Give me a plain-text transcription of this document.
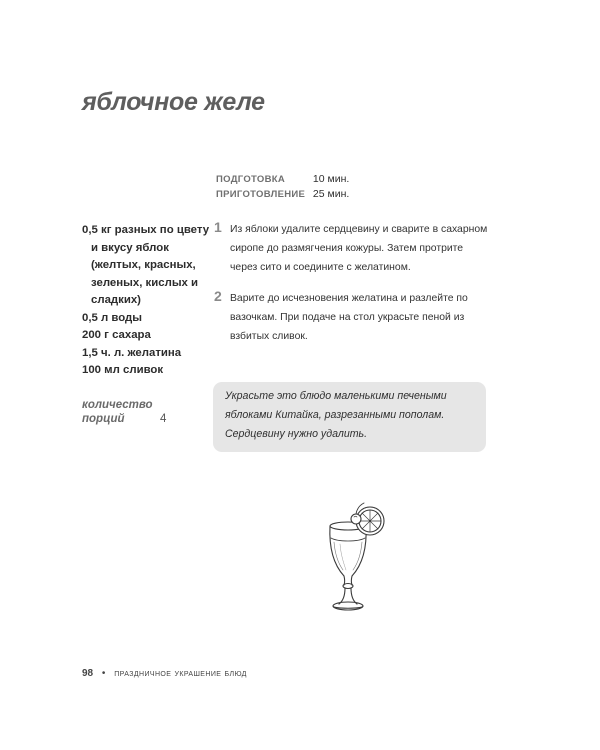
яблочное желе
ПОДГОТОВКА	10 мин.
ПРИГОТОВЛЕНИЕ 25 мин.
0,5 кг разных по цвету и вкусу яблок (желтых, красных, зеленых, кислых и сладких)
0,5 л воды
200 г сахара
1,5 ч. л. желатина
100 мл сливок
количество порций	4
1 Из яблоки удалите сердцевину и сварите в сахарном сиропе до размягчения кожуры. Затем протрите через сито и соедините с желатином.
2 Варите до исчезновения желатина и разлейте по вазочкам. При подаче на стол украсьте пеной из взбитых сливок.
Украсьте это блюдо маленькими печеными яблоками Китайка, разрезанными пополам. Сердцевину нужно удалить.
98 • праздничное украшение блюд
